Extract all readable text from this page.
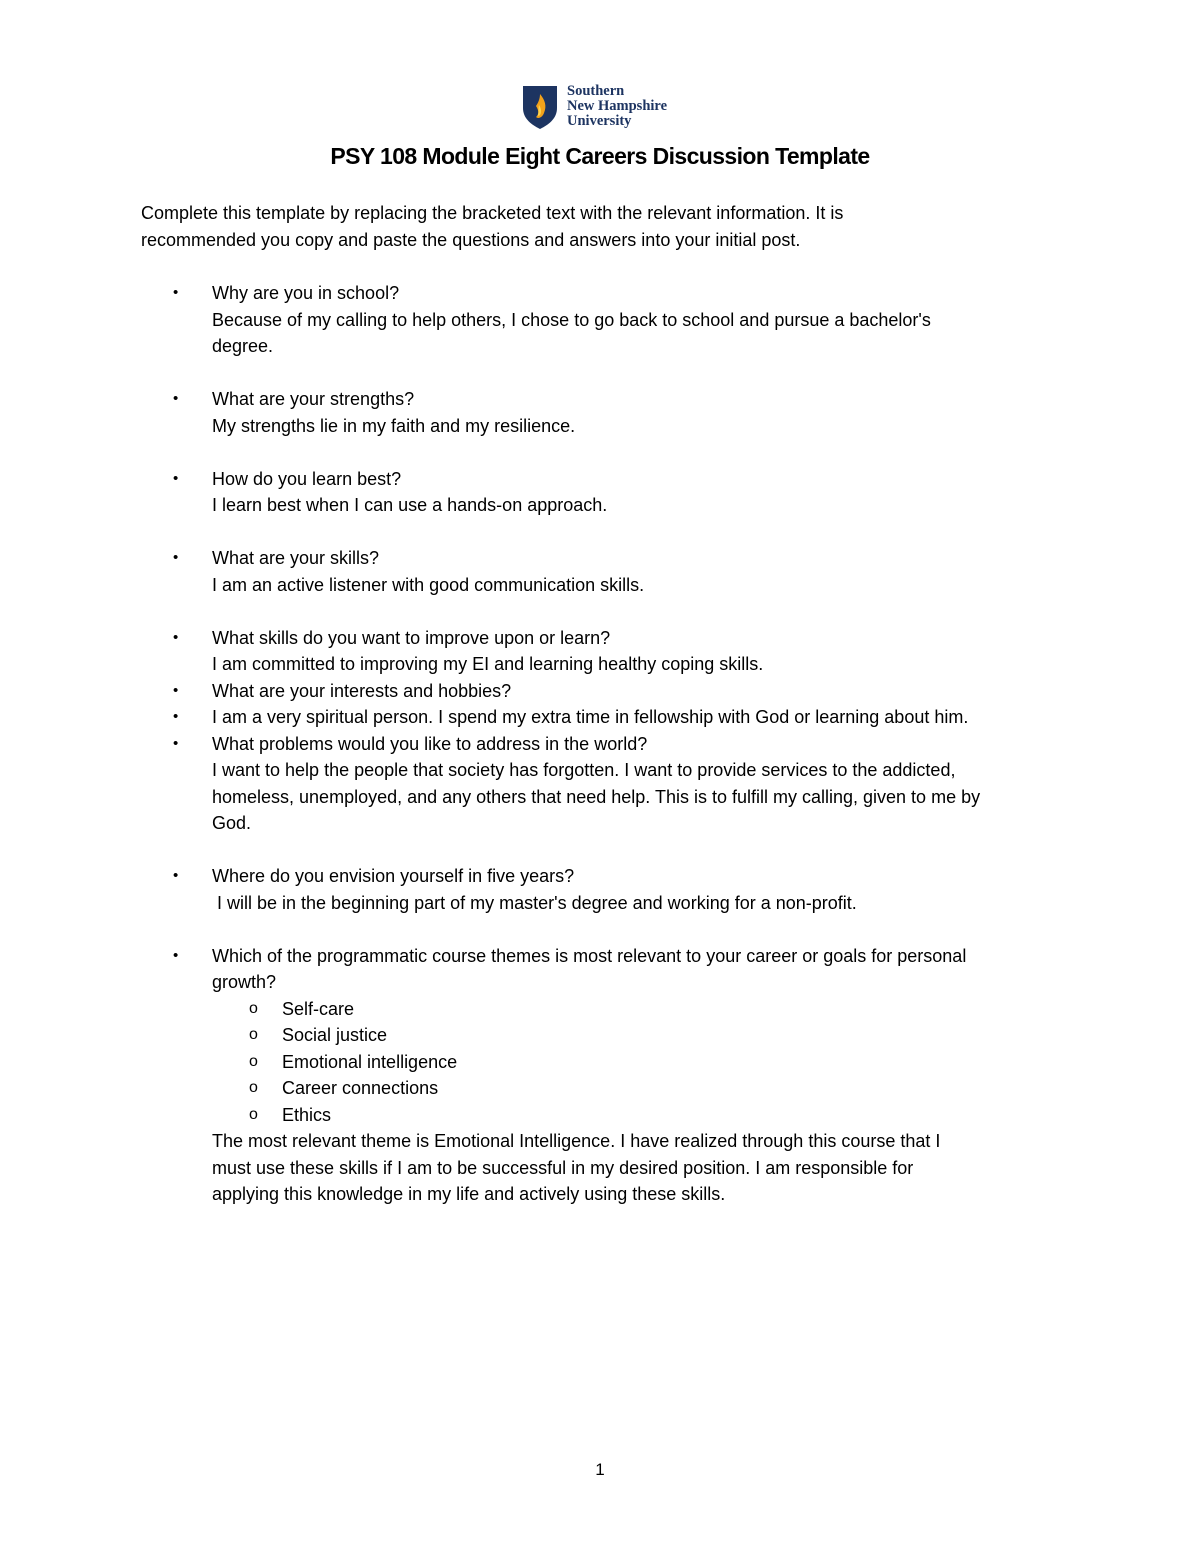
Southern
New Hampshire
University
PSY 108 Module Eight Careers Discussion Template
Complete this template by replacing the bracketed text with the relevant information. It is
recommended you copy and paste the questions and answers into your initial post.
• Why are you in school?
Because of my calling to help others, I chose to go back to school and pursue a bachelor's
degree.
• What are your strengths?
My strengths lie in my faith and my resilience.
• How do you learn best?
I learn best when I can use a hands-on approach.
• What are your skills?
I am an active listener with good communication skills.
• What skills do you want to improve upon or learn?
I am committed to improving my EI and learning healthy coping skills.
• What are your interests and hobbies?
• I am a very spiritual person. I spend my extra time in fellowship with God or learning about him.
• What problems would you like to address in the world?
I want to help the people that society has forgotten. I want to provide services to the addicted,
homeless, unemployed, and any others that need help. This is to fulfill my calling, given to me by
God.
• Where do you envision yourself in five years?
I will be in the beginning part of my master's degree and working for a non-profit.
• Which of the programmatic course themes is most relevant to your career or goals for personal
growth?
o Self-care
o Social justice
o Emotional intelligence
o Career connections
o Ethics
The most relevant theme is Emotional Intelligence. I have realized through this course that I
must use these skills if I am to be successful in my desired position. I am responsible for
applying this knowledge in my life and actively using these skills.
1
